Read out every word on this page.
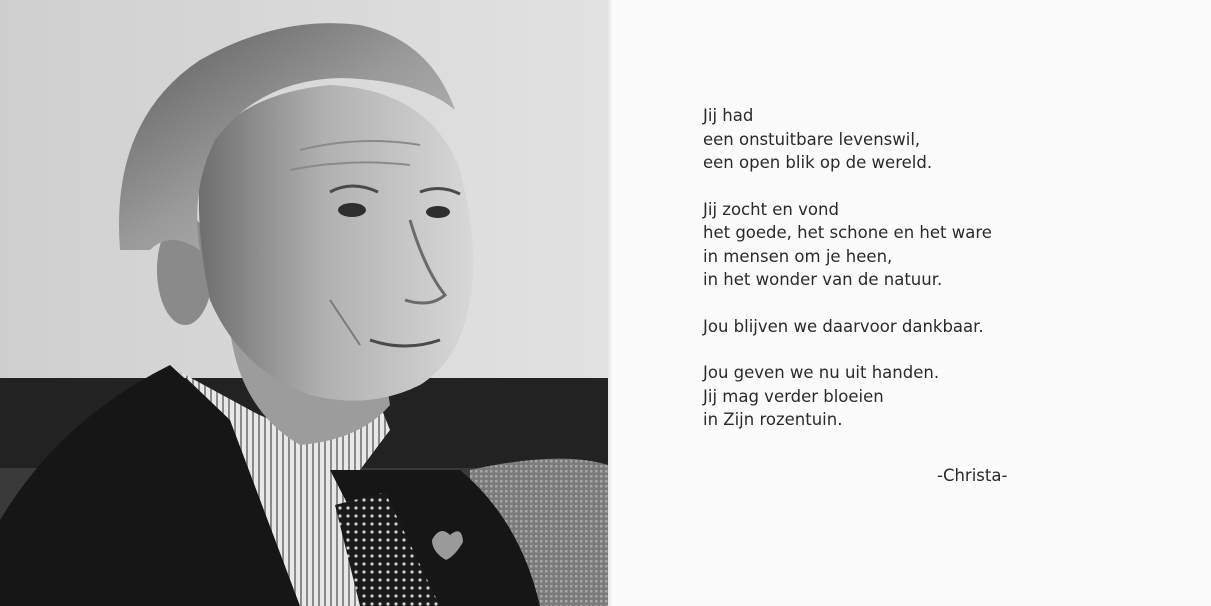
Jij had
een onstuitbare levenswil,
een open blik op de wereld.
Jij zocht en vond
het goede, het schone en het ware
in mensen om je heen,
in het wonder van de natuur.
Jou blijven we daarvoor dankbaar.
Jou geven we nu uit handen.
Jij mag verder bloeien
in Zijn rozentuin.
-Christa-
